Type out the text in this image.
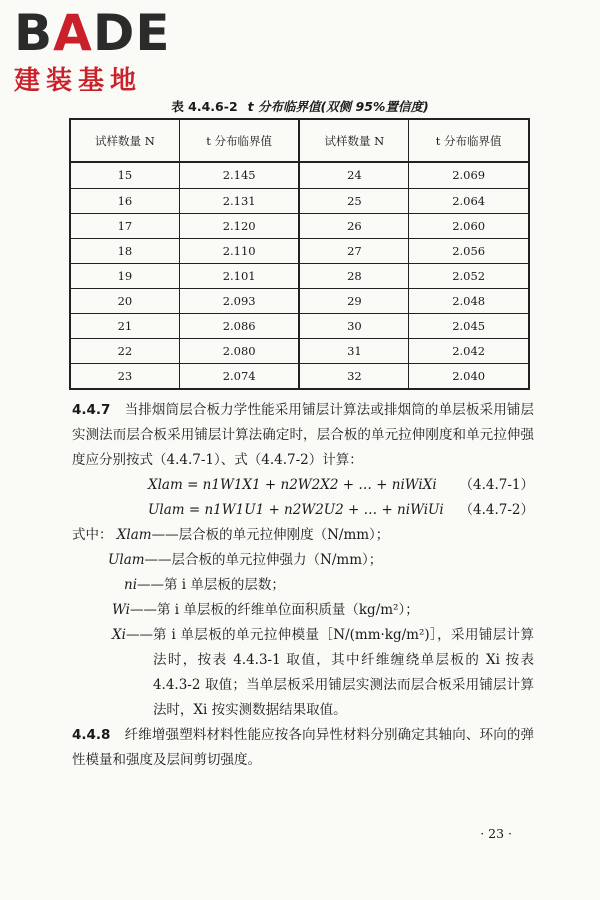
BADE
建装基地
表 4.4.6-2 t 分布临界值(双侧 95%置信度)
试样数量 N	t 分布临界值	试样数量 N	t 分布临界值
15	2.145	24	2.069
16	2.131	25	2.064
17	2.120	26	2.060
18	2.110	27	2.056
19	2.101	28	2.052
20	2.093	29	2.048
21	2.086	30	2.045
22	2.080	31	2.042
23	2.074	32	2.040

4.4.7 当排烟筒层合板力学性能采用铺层计算法或排烟筒的单层板采用铺层实测法而层合板采用铺层计算法确定时，层合板的单元拉伸刚度和单元拉伸强度应分别按式（4.4.7-1）、式（4.4.7-2）计算：

Xlam = n1W1X1 + n2W2X2 + … + niWiXi （4.4.7-1）
Ulam = n1W1U1 + n2W2U2 + … + niWiUi （4.4.7-2）
式中： Xlam —— 层合板的单元拉伸刚度（N/mm）；

Ulam —— 层合板的单元拉伸强力（N/mm）；
ni —— 第 i 单层板的层数；
Wi —— 第 i 单层板的纤维单位面积质量（kg/m²）；
Xi —— 第 i 单层板的单元拉伸模量［N/(mm·kg/m²)］，采用铺层计算法时，按表 4.4.3-1 取值，其中纤维缠绕单层板的 Xi 按表 4.4.3-2 取值；当单层板采用铺层实测法而层合板采用铺层计算法时，Xi 按实测数据结果取值。

4.4.8 纤维增强塑料材料性能应按各向异性材料分别确定其轴向、环向的弹性模量和强度及层间剪切强度。

· 23 ·
